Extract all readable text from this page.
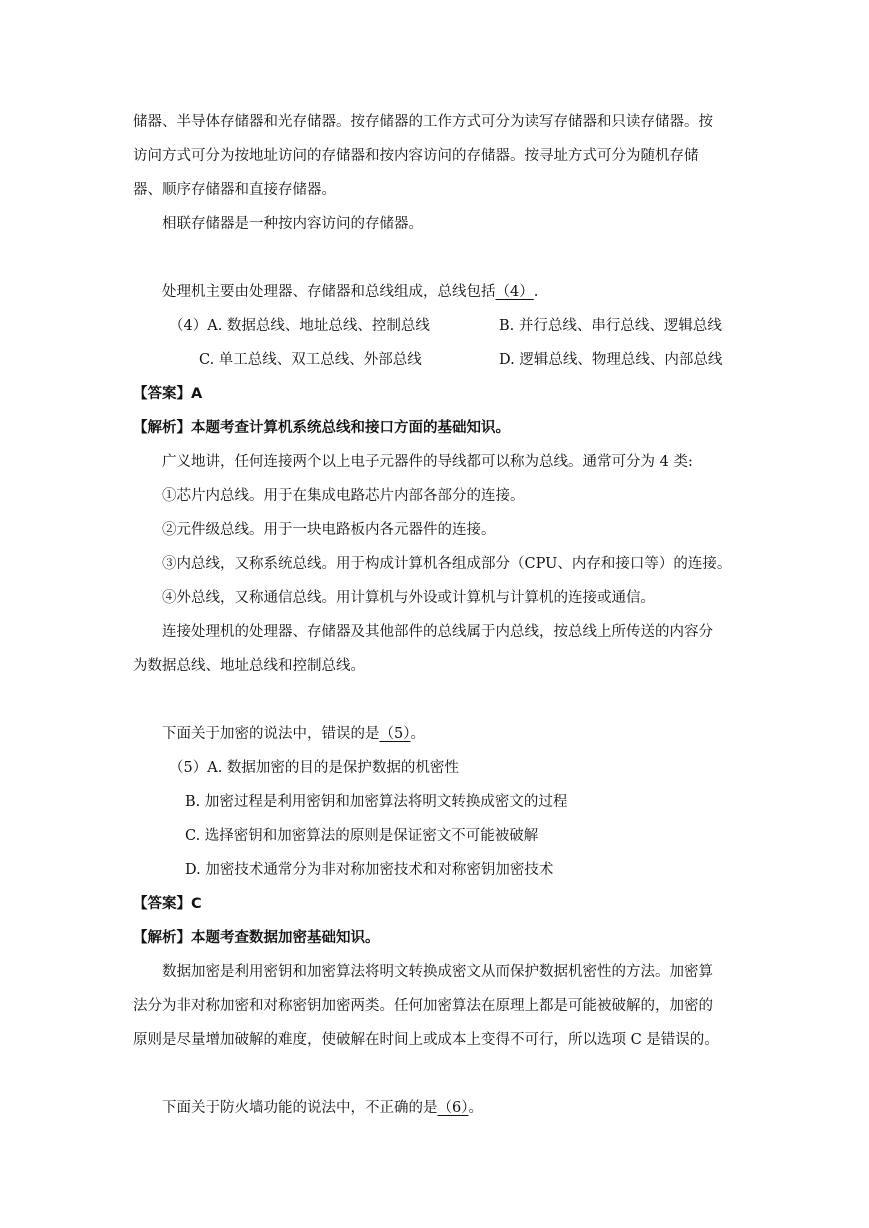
储器、半导体存储器和光存储器。按存储器的工作方式可分为读写存储器和只读存储器。按
访问方式可分为按地址访问的存储器和按内容访问的存储器。按寻址方式可分为随机存储
器、顺序存储器和直接存储器。
相联存储器是一种按内容访问的存储器。
处理机主要由处理器、存储器和总线组成，总线包括（4）.
（4）A. 数据总线、地址总线、控制总线	B. 并行总线、串行总线、逻辑总线
C. 单工总线、双工总线、外部总线	D. 逻辑总线、物理总线、内部总线
【答案】A
【解析】本题考查计算机系统总线和接口方面的基础知识。
广义地讲，任何连接两个以上电子元器件的导线都可以称为总线。通常可分为 4 类:
①芯片内总线。用于在集成电路芯片内部各部分的连接。
②元件级总线。用于一块电路板内各元器件的连接。
③内总线，又称系统总线。用于构成计算机各组成部分（CPU、内存和接口等）的连接。
④外总线，又称通信总线。用计算机与外设或计算机与计算机的连接或通信。
连接处理机的处理器、存储器及其他部件的总线属于内总线，按总线上所传送的内容分
为数据总线、地址总线和控制总线。
下面关于加密的说法中，错误的是（5）。
（5）A. 数据加密的目的是保护数据的机密性
B. 加密过程是利用密钥和加密算法将明文转换成密文的过程
C. 选择密钥和加密算法的原则是保证密文不可能被破解
D. 加密技术通常分为非对称加密技术和对称密钥加密技术
【答案】C
【解析】本题考查数据加密基础知识。
数据加密是利用密钥和加密算法将明文转换成密文从而保护数据机密性的方法。加密算
法分为非对称加密和对称密钥加密两类。任何加密算法在原理上都是可能被破解的，加密的
原则是尽量增加破解的难度，使破解在时间上或成本上变得不可行，所以选项 C 是错误的。
下面关于防火墙功能的说法中，不正确的是（6）。
